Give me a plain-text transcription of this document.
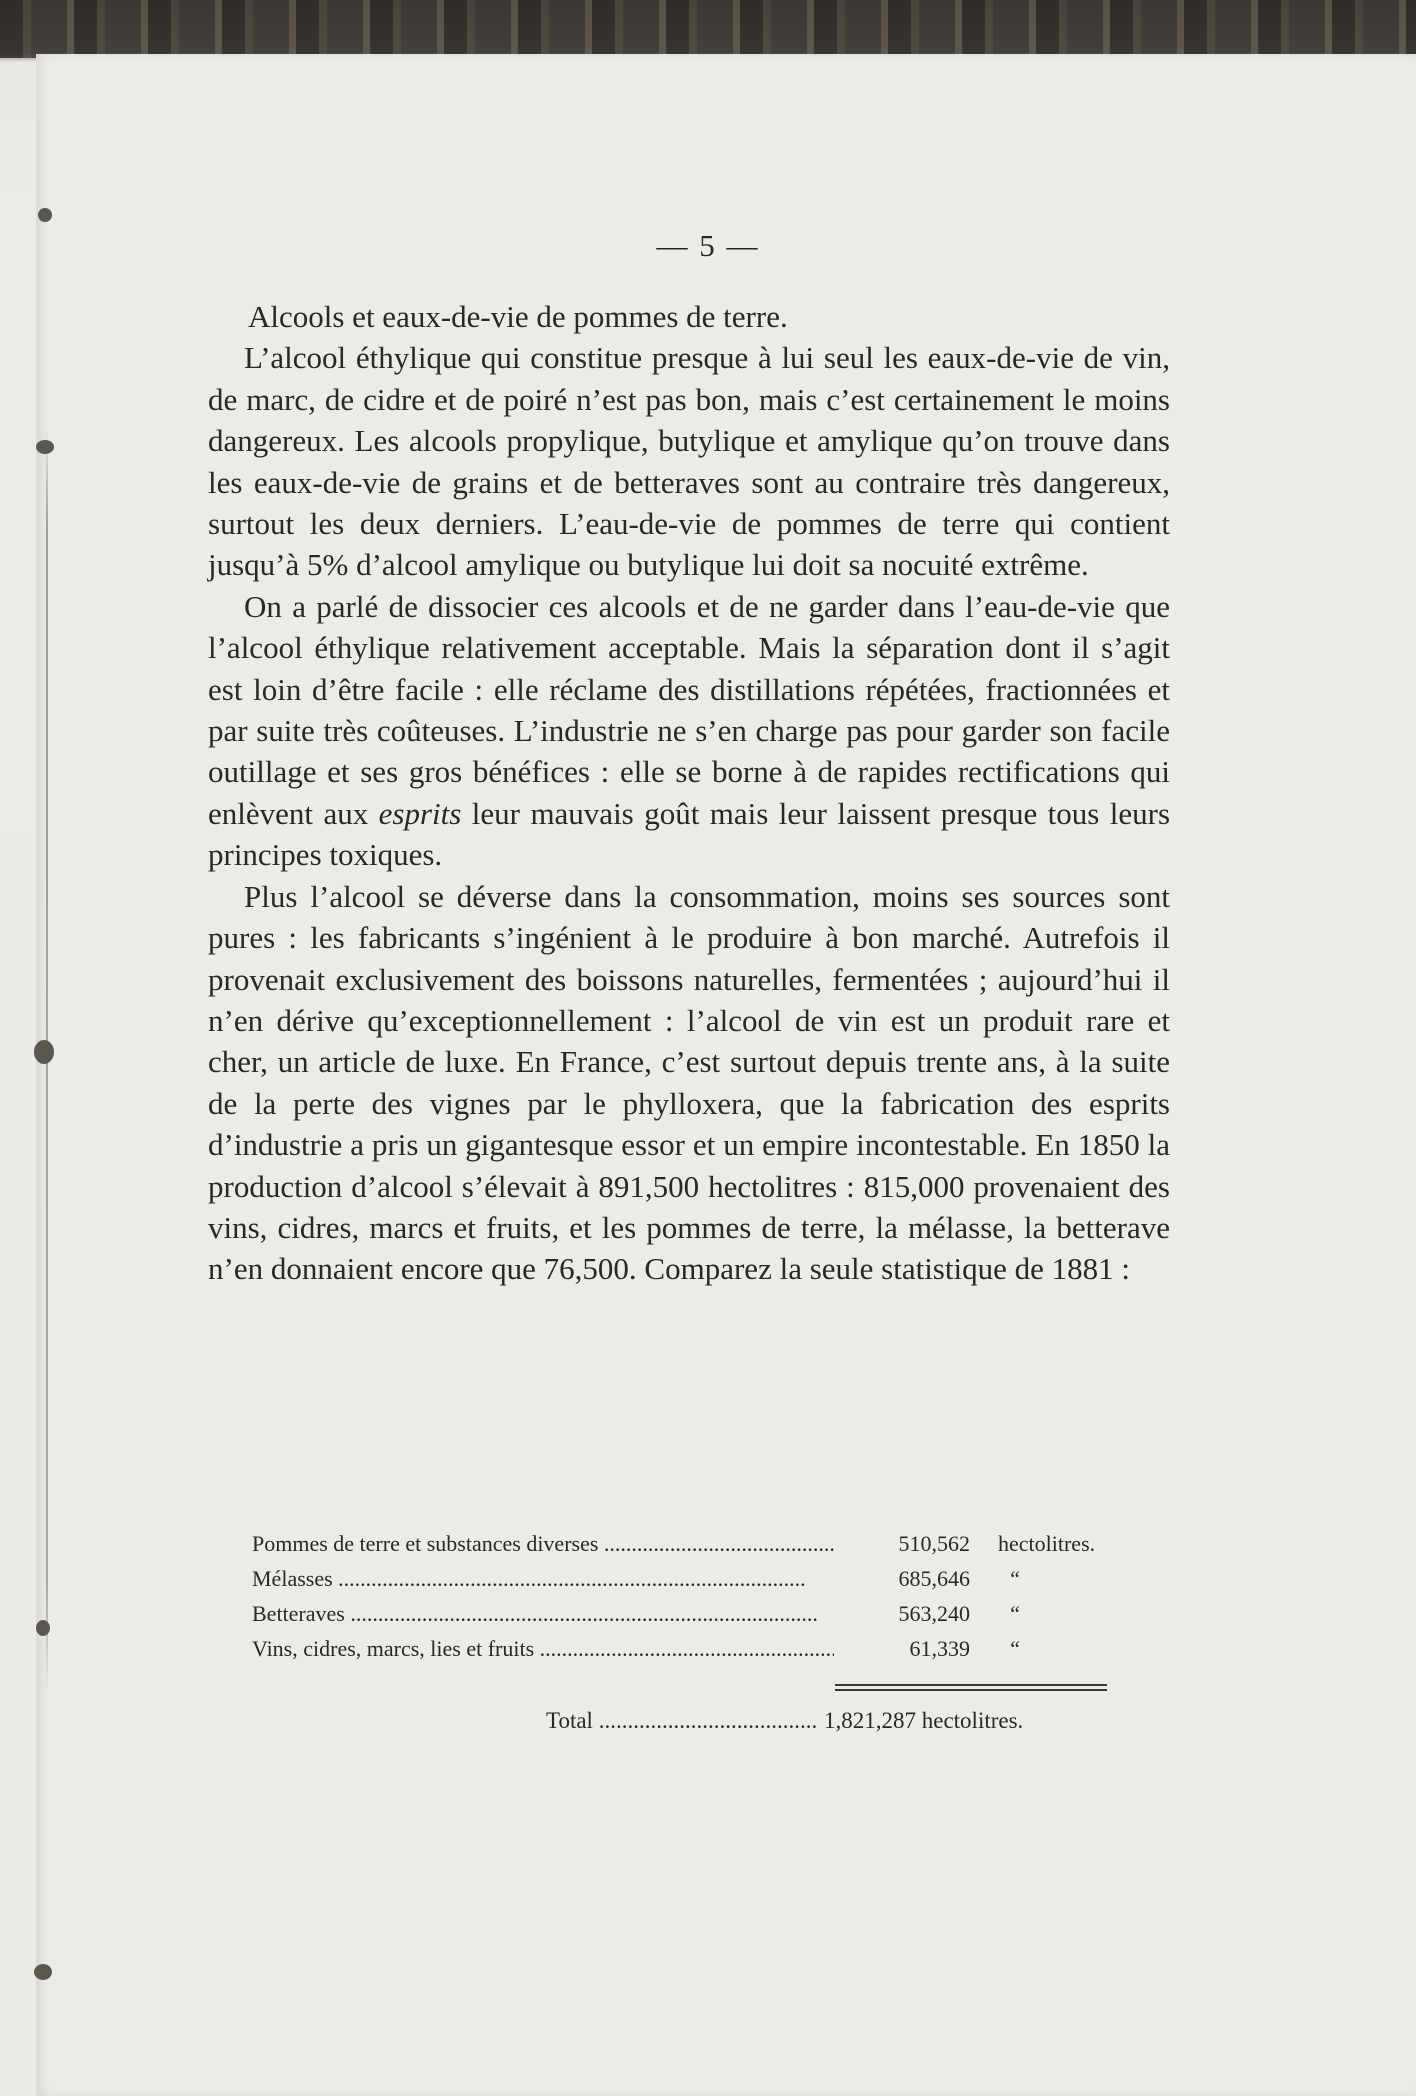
— 5 —

Alcools et eaux-de-vie de pommes de terre.

L’alcool éthylique qui constitue presque à lui seul les eaux-de-vie de vin, de marc, de cidre et de poiré n’est pas bon, mais c’est certainement le moins dangereux. Les alcools propylique, butylique et amylique qu’on trouve dans les eaux-de-vie de grains et de betteraves sont au contraire très dangereux, surtout les deux derniers. L’eau-de-vie de pommes de terre qui contient jusqu’à 5% d’alcool amylique ou butylique lui doit sa nocuité extrême.

On a parlé de dissocier ces alcools et de ne garder dans l’eau-de-vie que l’alcool éthylique relativement acceptable. Mais la séparation dont il s’agit est loin d’être facile : elle réclame des distillations répétées, fractionnées et par suite très coûteuses. L’industrie ne s’en charge pas pour garder son facile outillage et ses gros bénéfices : elle se borne à de rapides rectifications qui enlèvent aux esprits leur mauvais goût mais leur laissent presque tous leurs principes toxiques.

Plus l’alcool se déverse dans la consommation, moins ses sources sont pures : les fabricants s’ingénient à le produire à bon marché. Autrefois il provenait exclusivement des boissons naturelles, fermentées ; aujourd’hui il n’en dérive qu’exceptionnellement : l’alcool de vin est un produit rare et cher, un article de luxe. En France, c’est surtout depuis trente ans, à la suite de la perte des vignes par le phylloxera, que la fabrication des esprits d’industrie a pris un gigantesque essor et un empire incontestable. En 1850 la production d’alcool s’élevait à 891,500 hectolitres : 815,000 provenaient des vins, cidres, marcs et fruits, et les pommes de terre, la mélasse, la betterave n’en donnaient encore que 76,500. Comparez la seule statistique de 1881 :

Pommes de terre et substances diverses .....	510,562 hectolitres.
Mélasses .....	685,646 “
Betteraves .....	563,240 “
Vins, cidres, marcs, lies et fruits .....	61,339 “
Total .....	1,821,287 hectolitres.
